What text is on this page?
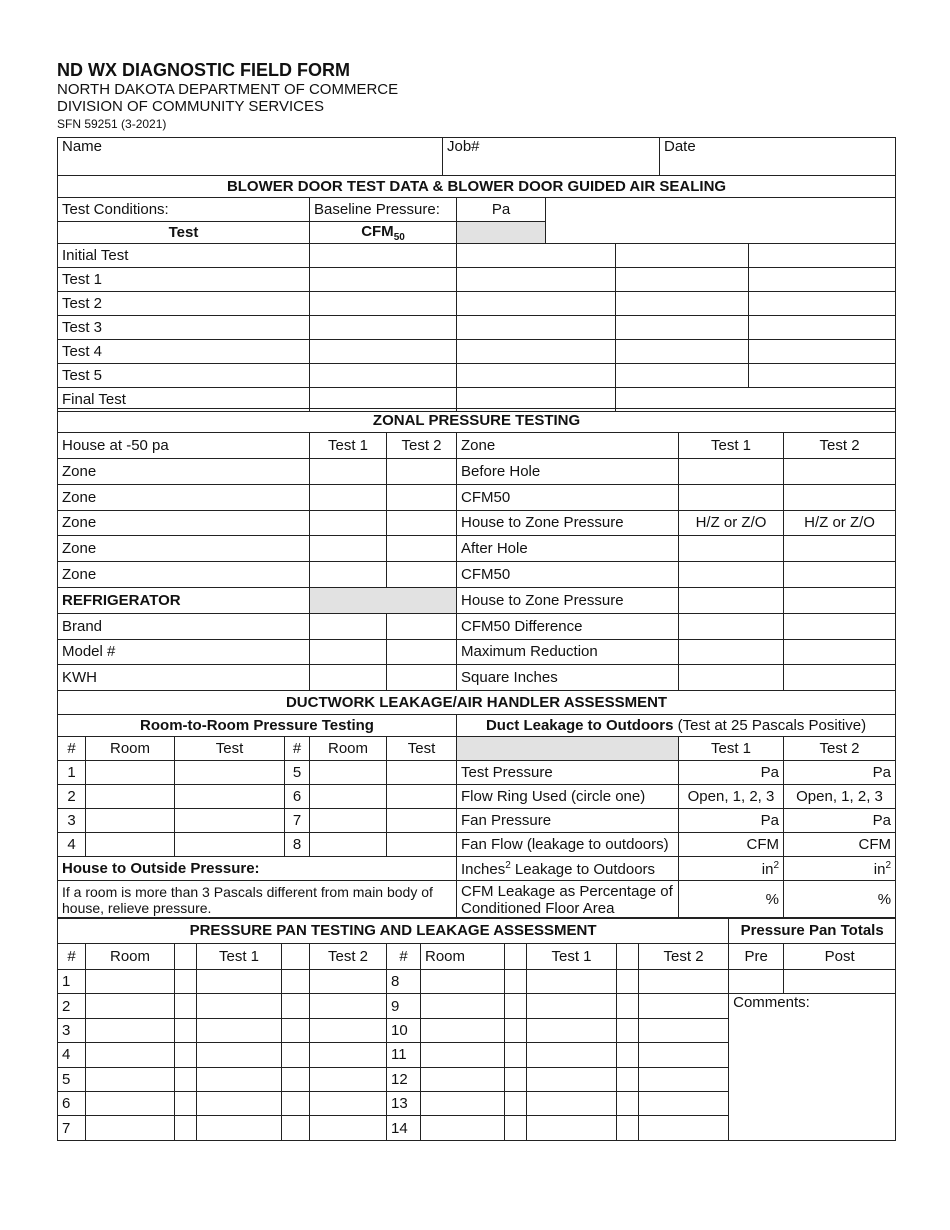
ND WX DIAGNOSTIC FIELD FORM
NORTH DAKOTA DEPARTMENT OF COMMERCE
DIVISION OF COMMUNITY SERVICES
SFN 59251 (3-2021)
Name	Job#	Date
BLOWER DOOR TEST DATA & BLOWER DOOR GUIDED AIR SEALING					
Test Conditions:	Baseline Pressure:	Pa			
Test	$CFM_{50}$		
Initial Test					
Test 1					
Test 2					
Test 3					
Test 4					
Test 5					
Final Test					
ZONAL PRESSURE TESTING					
House at -50 pa	Test 1	Test 2	Zone	Test 1	Test 2
Zone			Before Hole		
Zone			CFM50		
Zone			House to Zone Pressure	H/Z or Z/O	H/Z or Z/O
Zone			After Hole		
Zone			CFM50		
REFRIGERATOR			House to Zone Pressure		
Brand			CFM50 Difference		
Model #			Maximum Reduction		
KWH			Square Inches		
DUCTWORK LEAKAGE/AIR HANDLER ASSESSMENT								
Room-to-Room Pressure Testing						Duct Leakage to Outdoors (Test at 25 Pascals Positive)		
#	Room	Test	#	Room	Test		Test 1	Test 2
1			5			Test Pressure	Pa	Pa
2			6			Flow Ring Used (circle one)	Open, 1, 2, 3	Open, 1, 2, 3
3			7			Fan Pressure	Pa	Pa
4			8			Fan Flow (leakage to outdoors)	CFM	CFM
House to Outside Pressure:						Inches$^2$ Leakage to Outdoors	$in^2$	$in^2$
If a room is more than 3 Pascals different from main body of house, relieve pressure.						CFM Leakage as Percentage of Conditioned Floor Area	%	%
PRESSURE PAN TESTING AND LEAKAGE ASSESSMENT												Pressure Pan Totals	
#	Room		Test 1		Test 2	#	Room		Test 1		Test 2	Pre	Post
1						8							
2						9						Comments:	
3						10							
4						11							
5						12							
6						13							
7						14							
